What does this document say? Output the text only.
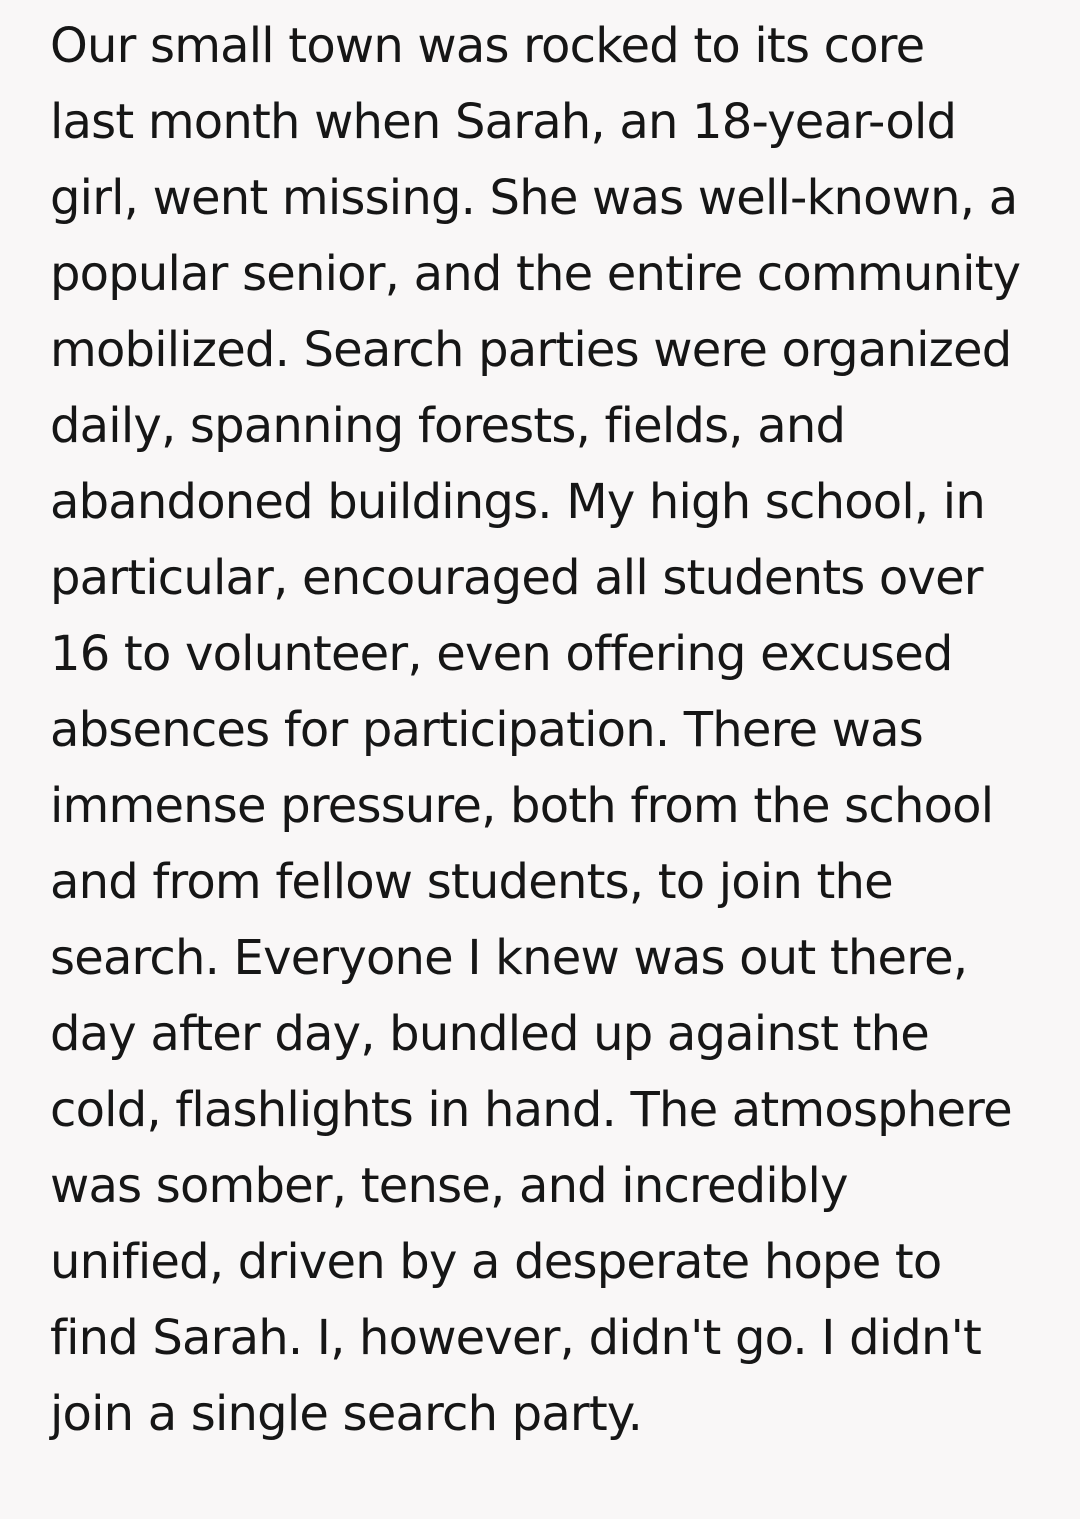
Our small town was rocked to its core
last month when Sarah, an 18-year-old
girl, went missing. She was well-known, a
popular senior, and the entire community
mobilized. Search parties were organized
daily, spanning forests, fields, and
abandoned buildings. My high school, in
particular, encouraged all students over
16 to volunteer, even offering excused
absences for participation. There was
immense pressure, both from the school
and from fellow students, to join the
search. Everyone I knew was out there,
day after day, bundled up against the
cold, flashlights in hand. The atmosphere
was somber, tense, and incredibly
unified, driven by a desperate hope to
find Sarah. I, however, didn't go. I didn't
join a single search party.
